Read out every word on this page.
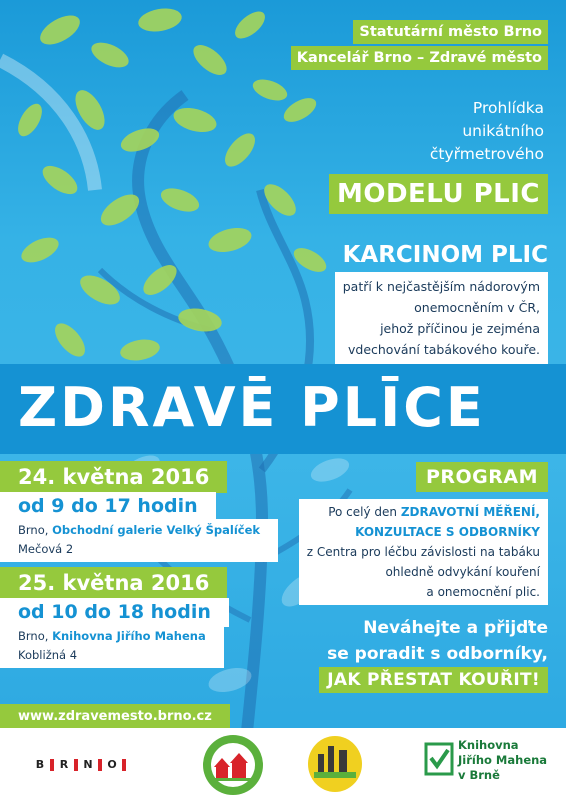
Statutární město Brno
Kancelář Brno – Zdravé město
Prohlídka
unikátního
čtyřmetrového
MODELU PLIC
KARCINOM PLIC
patří k nejčastějším nádorovým
onemocněním v ČR,
jehož příčinou je zejména
vdechování tabákového kouře.
ZDRAVĒ PLĪCE
24. května 2016
od 9 do 17 hodin
Brno, Obchodní galerie Velký Špalíček
Mečová 2
25. května 2016
od 10 do 18 hodin
Brno, Knihovna Jiřího Mahena
Kobližná 4
PROGRAM
Po celý den ZDRAVOTNÍ MĚŘENÍ,
KONZULTACE S ODBORNÍKY
z Centra pro léčbu závislosti na tabáku
ohledně odvykání kouření
a onemocnění plic.
Neváhejte a přijďte
se poradit s odborníky,
JAK PŘESTAT KOUŘIT!
www.zdravemesto.brno.cz
B R N O
Knihovna
Jiřího Mahena
v Brně
